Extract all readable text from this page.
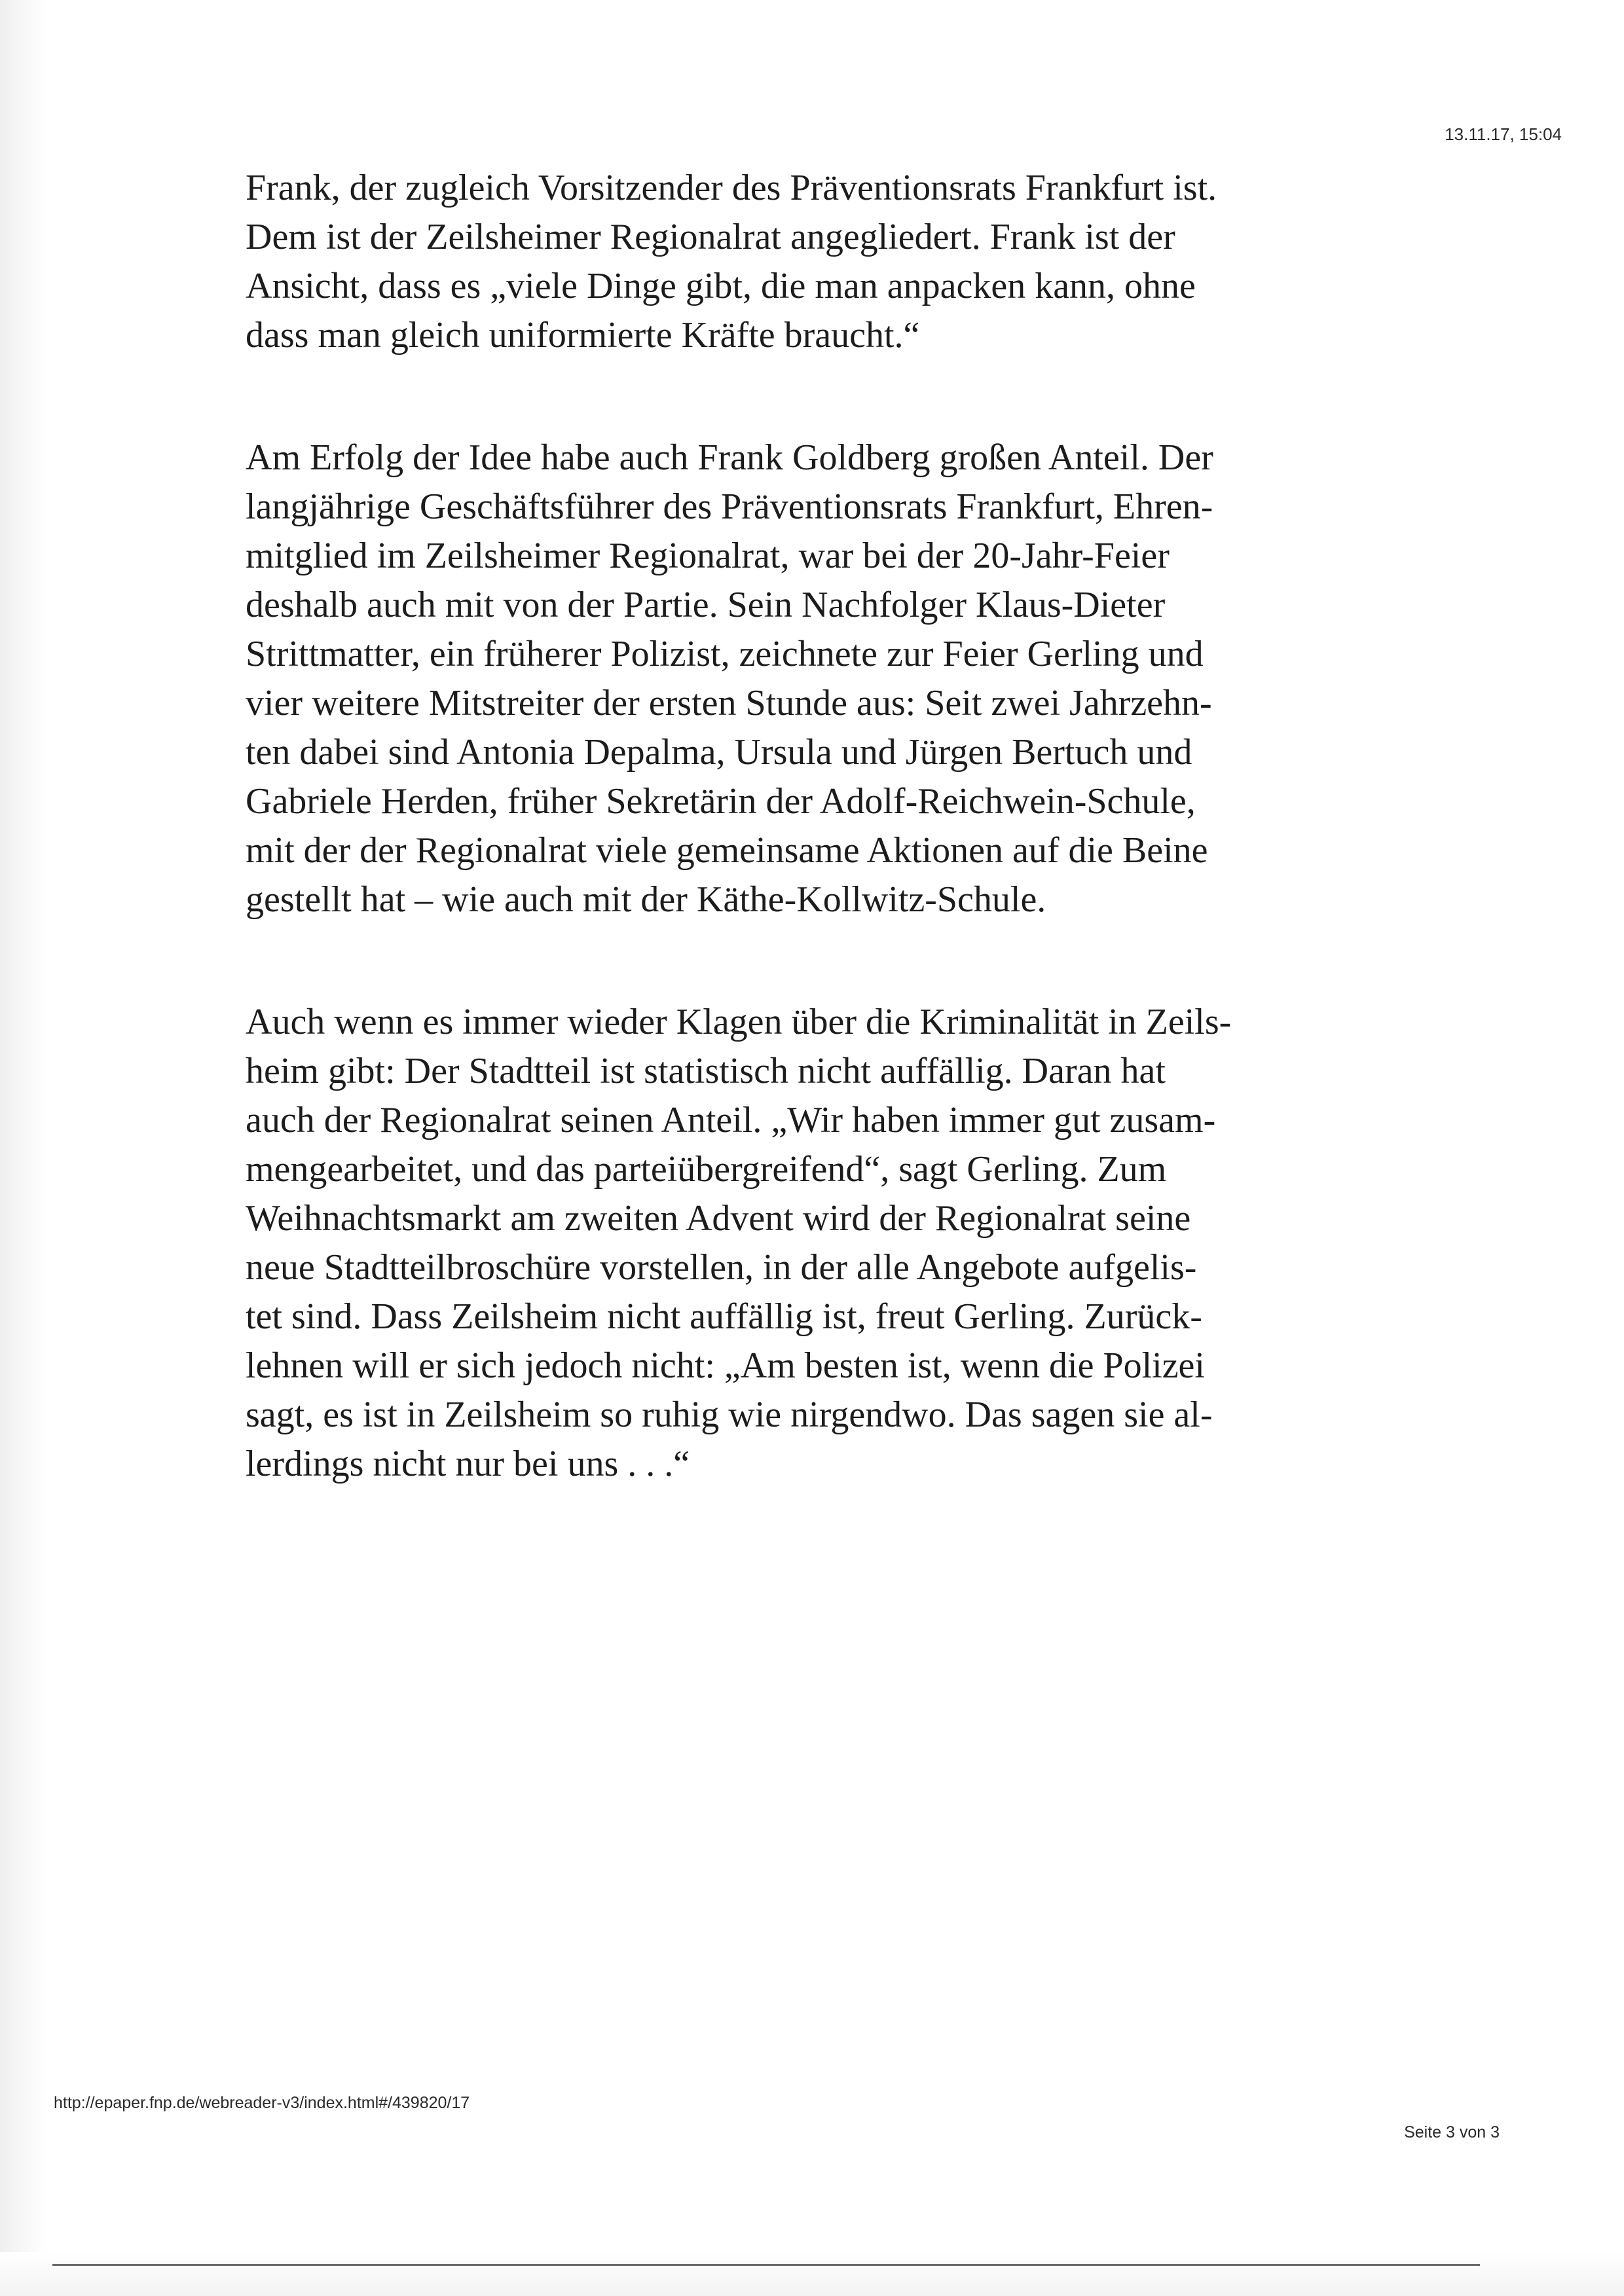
13.11.17, 15:04

Frank, der zugleich Vorsitzender des Präventionsrats Frankfurt ist.
Dem ist der Zeilsheimer Regionalrat angegliedert. Frank ist der
Ansicht, dass es „viele Dinge gibt, die man anpacken kann, ohne
dass man gleich uniformierte Kräfte braucht.“

Am Erfolg der Idee habe auch Frank Goldberg großen Anteil. Der
langjährige Geschäftsführer des Präventionsrats Frankfurt, Ehren-
mitglied im Zeilsheimer Regionalrat, war bei der 20-Jahr-Feier
deshalb auch mit von der Partie. Sein Nachfolger Klaus-Dieter
Strittmatter, ein früherer Polizist, zeichnete zur Feier Gerling und
vier weitere Mitstreiter der ersten Stunde aus: Seit zwei Jahrzehn-
ten dabei sind Antonia Depalma, Ursula und Jürgen Bertuch und
Gabriele Herden, früher Sekretärin der Adolf-Reichwein-Schule,
mit der der Regionalrat viele gemeinsame Aktionen auf die Beine
gestellt hat – wie auch mit der Käthe-Kollwitz-Schule.

Auch wenn es immer wieder Klagen über die Kriminalität in Zeils-
heim gibt: Der Stadtteil ist statistisch nicht auffällig. Daran hat
auch der Regionalrat seinen Anteil. „Wir haben immer gut zusam-
mengearbeitet, und das parteiübergreifend“, sagt Gerling. Zum
Weihnachtsmarkt am zweiten Advent wird der Regionalrat seine
neue Stadtteilbroschüre vorstellen, in der alle Angebote aufgelis-
tet sind. Dass Zeilsheim nicht auffällig ist, freut Gerling. Zurück-
lehnen will er sich jedoch nicht: „Am besten ist, wenn die Polizei
sagt, es ist in Zeilsheim so ruhig wie nirgendwo. Das sagen sie al-
lerdings nicht nur bei uns . . .“

http://epaper.fnp.de/webreader-v3/index.html#/439820/17
Seite 3 von 3
